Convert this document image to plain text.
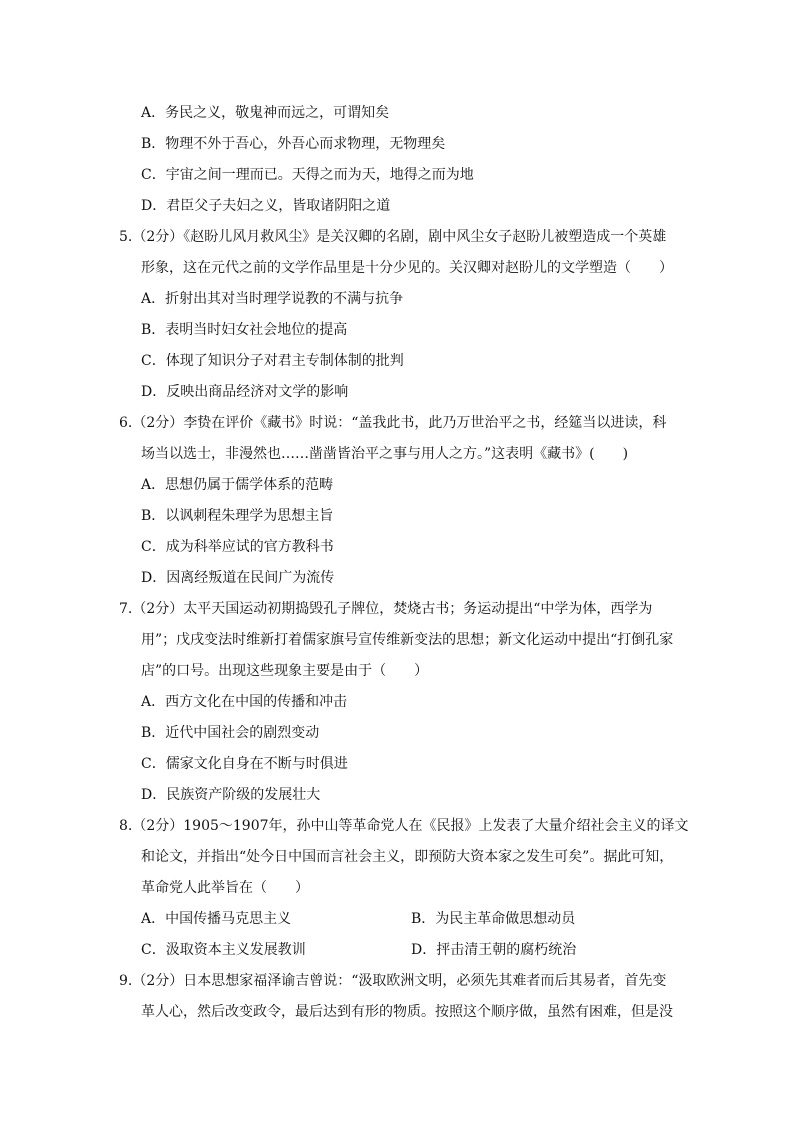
A．务民之义，敬鬼神而远之，可谓知矣
B．物理不外于吾心，外吾心而求物理，无物理矣
C．宇宙之间一理而已。天得之而为天，地得之而为地
D．君臣父子夫妇之义，皆取诸阴阳之道
5.（2分）《赵盼儿风月救风尘》是关汉卿的名剧，剧中风尘女子赵盼儿被塑造成一个英雄
形象，这在元代之前的文学作品里是十分少见的。关汉卿对赵盼儿的文学塑造（　　）
A．折射出其对当时理学说教的不满与抗争
B．表明当时妇女社会地位的提高
C．体现了知识分子对君主专制体制的批判
D．反映出商品经济对文学的影响
6.（2分）李贽在评价《藏书》时说：“盖我此书，此乃万世治平之书，经筵当以进读，科
场当以选士，非漫然也……凿凿皆治平之事与用人之方。”这表明《藏书》(　　)
A．思想仍属于儒学体系的范畴
B．以讽刺程朱理学为思想主旨
C．成为科举应试的官方教科书
D．因离经叛道在民间广为流传
7.（2分）太平天国运动初期捣毁孔子牌位，焚烧古书；务运动提出“中学为体，西学为
用”；戊戌变法时维新打着儒家旗号宣传维新变法的思想；新文化运动中提出“打倒孔家
店”的口号。出现这些现象主要是由于（　　）
A．西方文化在中国的传播和冲击
B．近代中国社会的剧烈变动
C．儒家文化自身在不断与时俱进
D．民族资产阶级的发展壮大
8.（2分）1905～1907年，孙中山等革命党人在《民报》上发表了大量介绍社会主义的译文
和论文，并指出“处今日中国而言社会主义，即预防大资本家之发生可矣”。据此可知，
革命党人此举旨在（　　）
A．中国传播马克思主义	B．为民主革命做思想动员
C．汲取资本主义发展教训	D．抨击清王朝的腐朽统治
9.（2分）日本思想家福泽谕吉曾说：“汲取欧洲文明，必须先其难者而后其易者，首先变
革人心，然后改变政令，最后达到有形的物质。按照这个顺序做，虽然有困难，但是没
